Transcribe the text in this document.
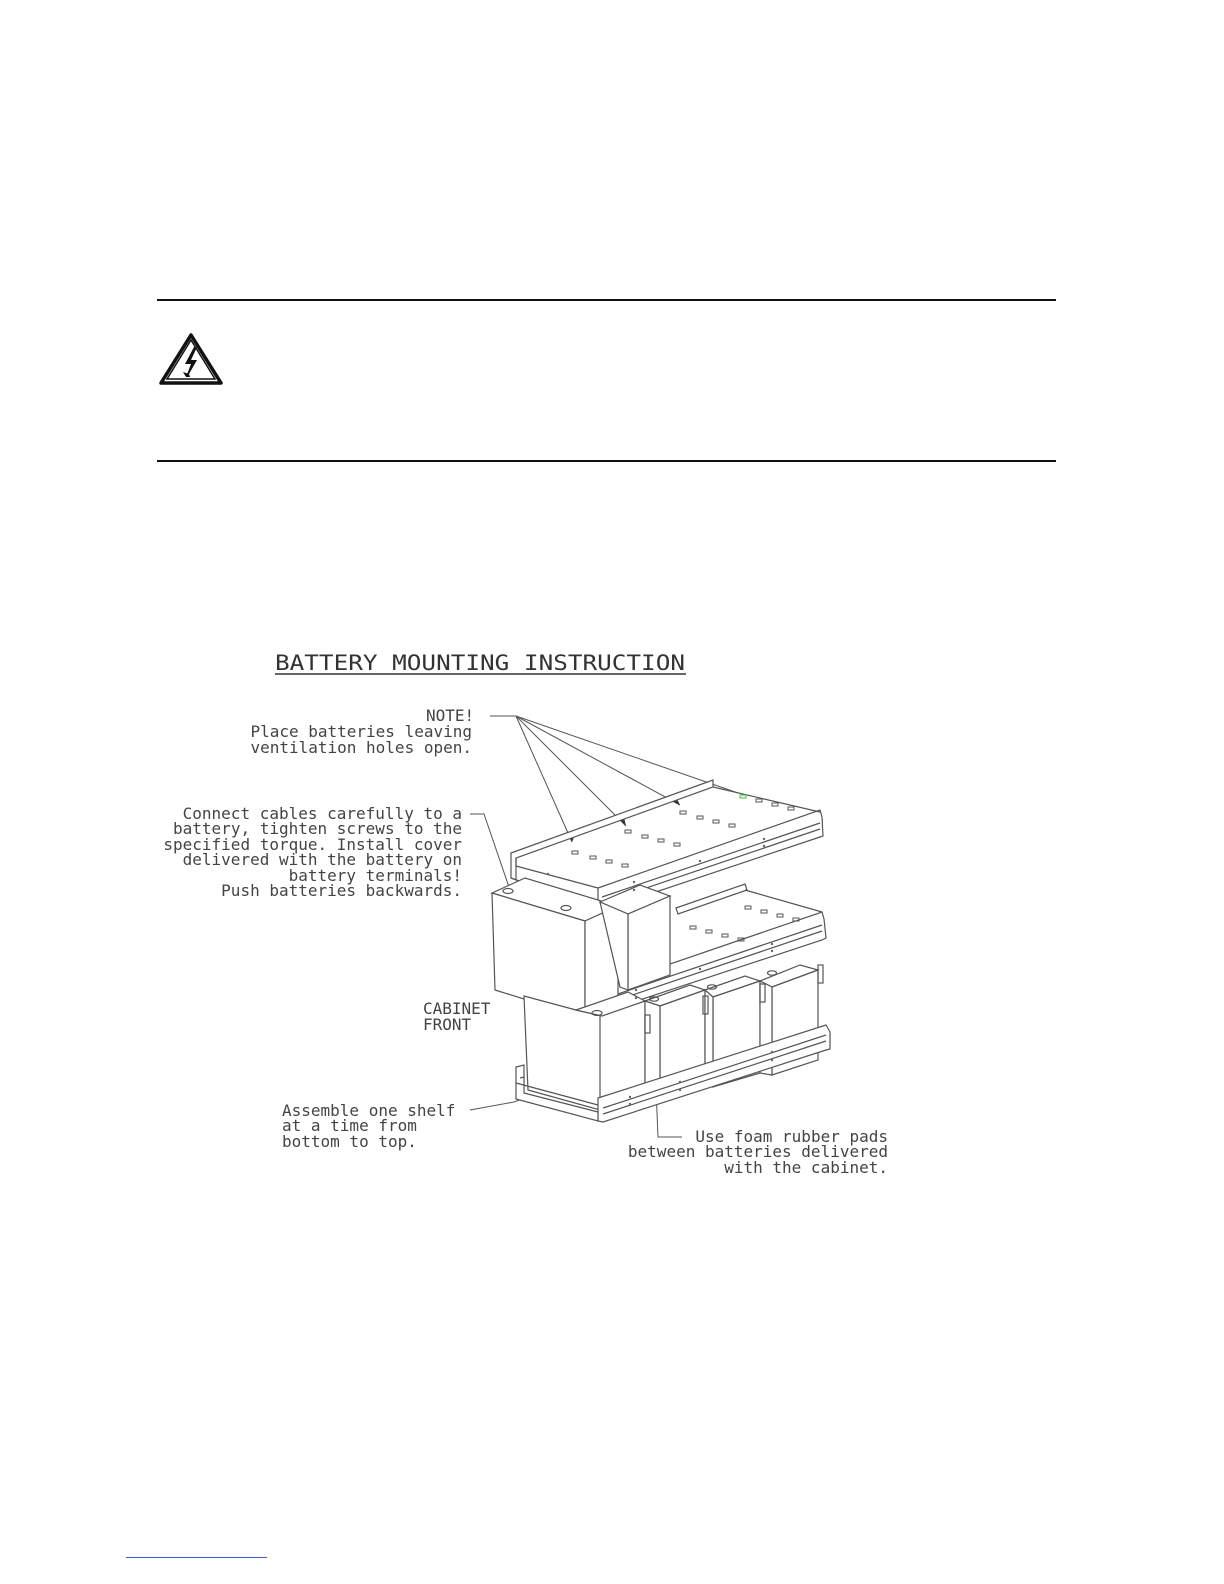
BATTERY MOUNTING INSTRUCTION
NOTE!
Place batteries leaving
ventilation holes open.
Connect cables carefully to a
battery, tighten screws to the
specified torque. Install cover
delivered with the battery on
battery terminals!
Push batteries backwards.
CABINET
FRONT
Assemble one shelf
at a time from
bottom to top.	Use foam rubber pads
between batteries delivered
with the cabinet.
